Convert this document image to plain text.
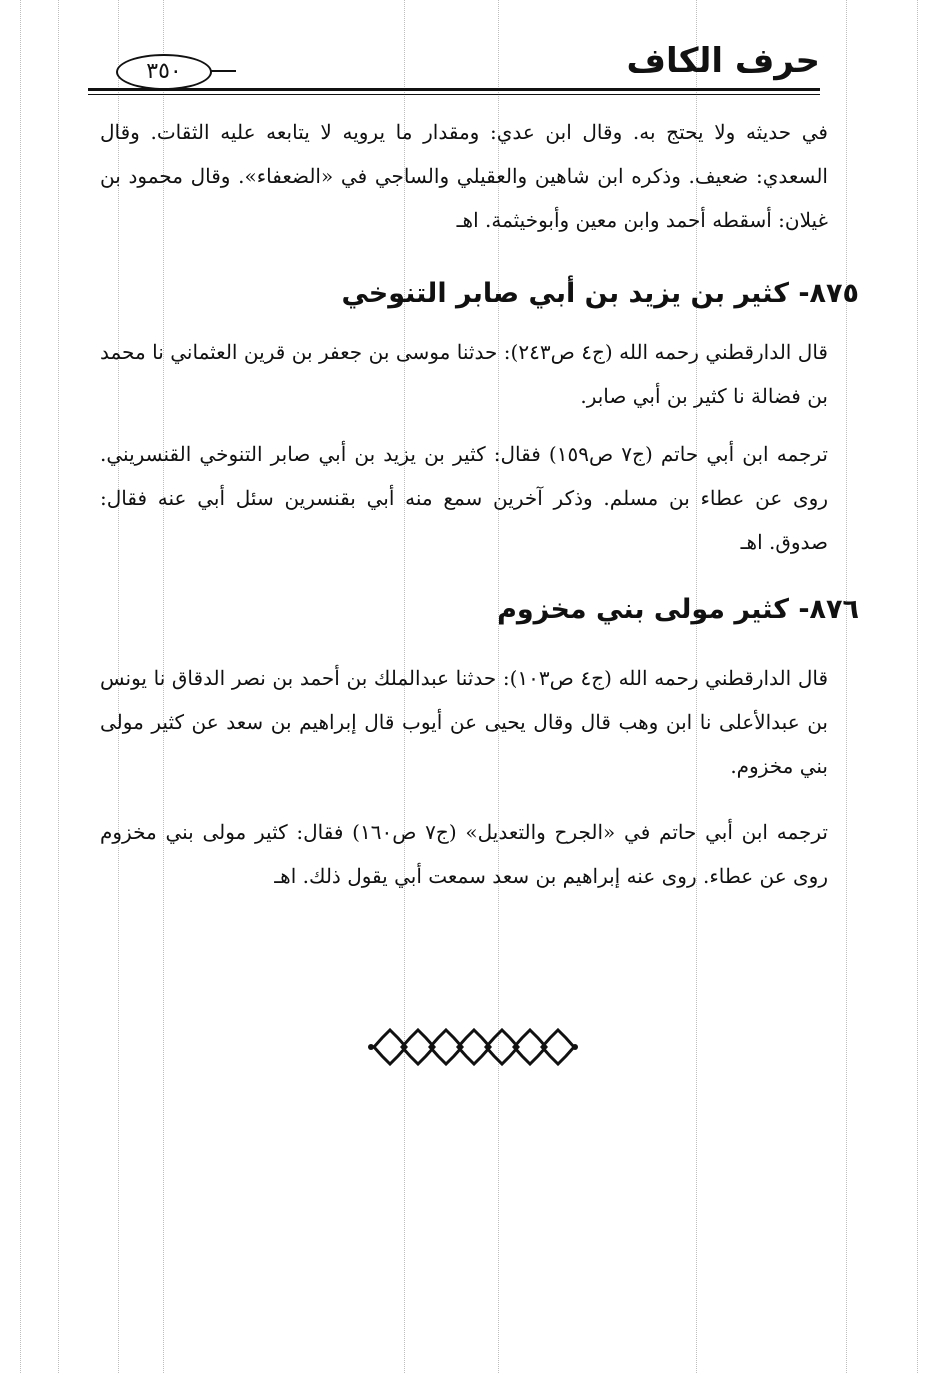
حرف الكاف
٣٥٠
في حديثه ولا يحتج به. وقال ابن عدي: ومقدار ما يرويه لا يتابعه عليه الثقات. وقال السعدي: ضعيف. وذكره ابن شاهين والعقيلي والساجي في «الضعفاء». وقال محمود بن غيلان: أسقطه أحمد وابن معين وأبوخيثمة. اهـ
٨٧٥- كثير بن يزيد بن أبي صابر التنوخي
قال الدارقطني رحمه الله (ج٤ ص٢٤٣): حدثنا موسى بن جعفر بن قرين العثماني نا محمد بن فضالة نا كثير بن أبي صابر.
ترجمه ابن أبي حاتم (ج٧ ص١٥٩) فقال: كثير بن يزيد بن أبي صابر التنوخي القنسريني. روى عن عطاء بن مسلم. وذكر آخرين سمع منه أبي بقنسرين سئل أبي عنه فقال: صدوق. اهـ
٨٧٦- كثير مولى بني مخزوم
قال الدارقطني رحمه الله (ج٤ ص١٠٣): حدثنا عبدالملك بن أحمد بن نصر الدقاق نا يونس بن عبدالأعلى نا ابن وهب قال وقال يحيى عن أيوب قال إبراهيم بن سعد عن كثير مولى بني مخزوم.
ترجمه ابن أبي حاتم في «الجرح والتعديل» (ج٧ ص١٦٠) فقال: كثير مولى بني مخزوم روى عن عطاء. روى عنه إبراهيم بن سعد سمعت أبي يقول ذلك. اهـ
